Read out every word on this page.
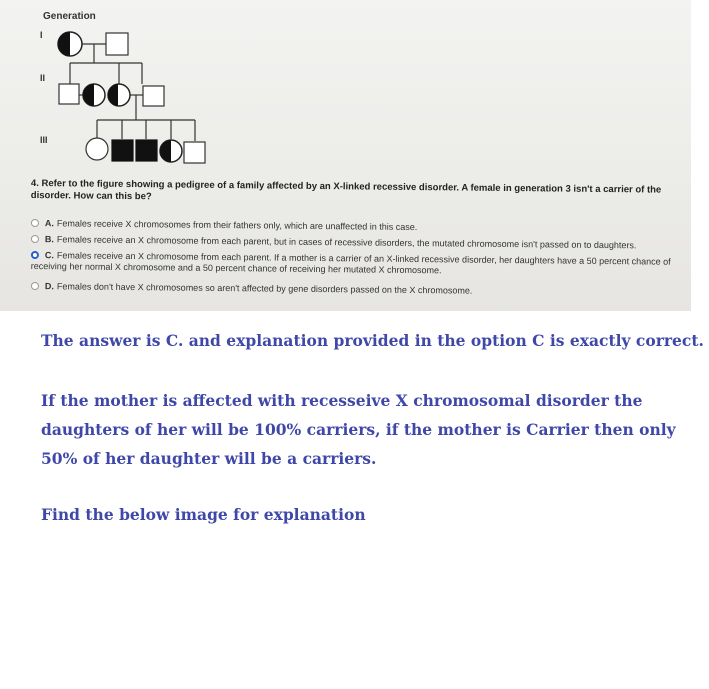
Generation
I
II
III
4. Refer to the figure showing a pedigree of a family affected by an X-linked recessive disorder. A female in generation 3 isn't a carrier of the disorder. How can this be?
A. Females receive X chromosomes from their fathers only, which are unaffected in this case.
B. Females receive an X chromosome from each parent, but in cases of recessive disorders, the mutated chromosome isn't passed on to daughters.
C. Females receive an X chromosome from each parent. If a mother is a carrier of an X-linked recessive disorder, her daughters have a 50 percent chance of receiving her normal X chromosome and a 50 percent chance of receiving her mutated X chromosome.
D. Females don't have X chromosomes so aren't affected by gene disorders passed on the X chromosome.
The answer is C. and explanation provided in the option C is exactly correct.
If the mother is affected with recesseive X chromosomal disorder the daughters of her will be 100% carriers, if the mother is Carrier then only 50% of her daughter will be a carriers.
Find the below image for explanation
